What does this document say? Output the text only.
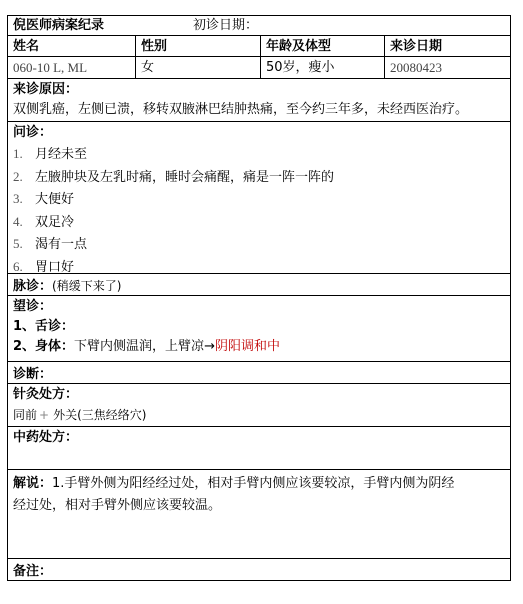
倪医师病案纪录	初诊日期：
姓名	性别	年龄及体型	来诊日期
060-10 L, ML	女	50岁，瘦小	20080423
来诊原因：
双侧乳癌，左侧已溃，移转双腋淋巴结肿热痛，至今约三年多，未经西医治疗。
问诊：
1. 月经未至
2. 左腋肿块及左乳时痛，睡时会痛醒，痛是一阵一阵的
3. 大便好
4. 双足冷
5. 渴有一点
6. 胃口好
脉诊：(稍缓下来了)
望诊：
1、舌诊：
2、身体：下臂内侧温润，上臂凉→阴阳调和中
诊断：
针灸处方：
同前 + 外关(三焦经络穴)
中药处方：
解说：1.手臂外侧为阳经经过处，相对手臂内侧应该要较凉，手臂内侧为阴经
经过处，相对手臂外侧应该要较温。
备注：
